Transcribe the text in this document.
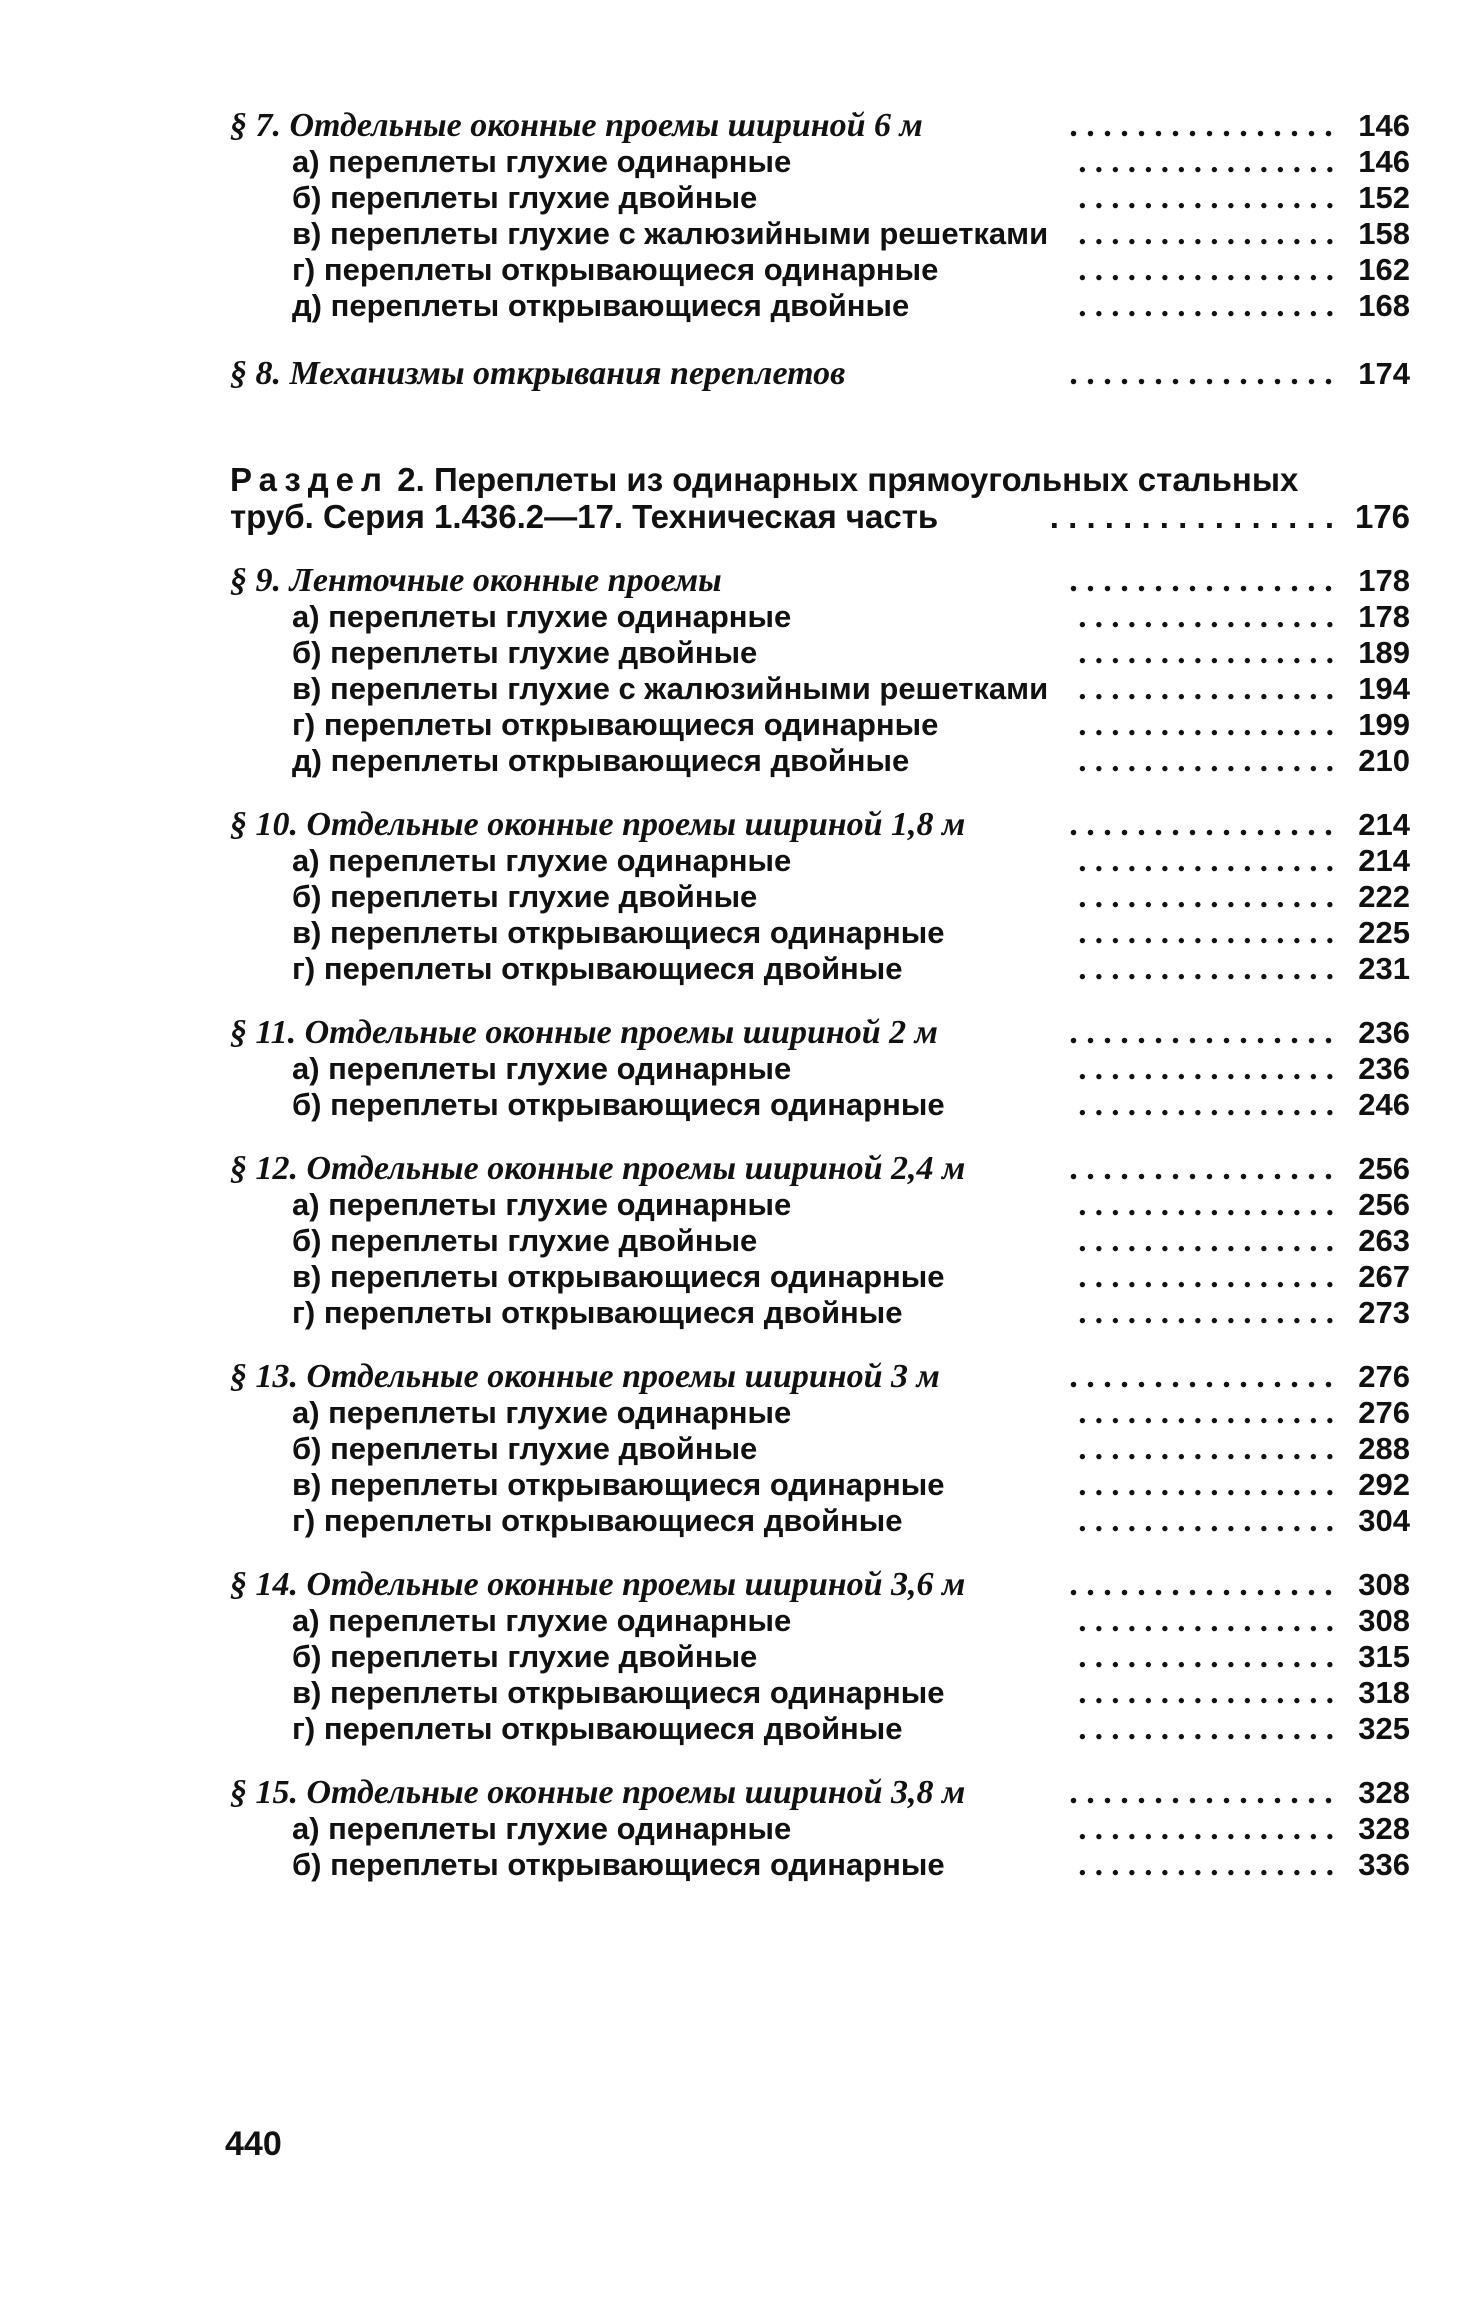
§ 7. Отдельные оконные проемы шириной 6 м	. . . . . . . . . . . . . . . . 146
а) переплеты глухие одинарные	. . . . . . . . . . . . . . . . 146
б) переплеты глухие двойные	. . . . . . . . . . . . . . . . 152
в) переплеты глухие с жалюзийными решетками . . . . . . . . . . . . . . . . 158
г) переплеты открывающиеся одинарные	. . . . . . . . . . . . . . . . 162
д) переплеты открывающиеся двойные	. . . . . . . . . . . . . . . . 168
§ 8. Механизмы открывания переплетов	. . . . . . . . . . . . . . . . 174
Раздел 2. Переплеты из одинарных прямоугольных стальных
труб. Серия 1.436.2—17. Техническая часть	. . . . . . . . . . . . . . . . 176
§ 9. Ленточные оконные проемы	. . . . . . . . . . . . . . . . 178
а) переплеты глухие одинарные	. . . . . . . . . . . . . . . . 178
б) переплеты глухие двойные	. . . . . . . . . . . . . . . . 189
в) переплеты глухие с жалюзийными решетками . . . . . . . . . . . . . . . . 194
г) переплеты открывающиеся одинарные	. . . . . . . . . . . . . . . . 199
д) переплеты открывающиеся двойные	. . . . . . . . . . . . . . . . 210
§ 10. Отдельные оконные проемы шириной 1,8 м	. . . . . . . . . . . . . . . . 214
а) переплеты глухие одинарные	. . . . . . . . . . . . . . . . 214
б) переплеты глухие двойные	. . . . . . . . . . . . . . . . 222
в) переплеты открывающиеся одинарные	. . . . . . . . . . . . . . . . 225
г) переплеты открывающиеся двойные	. . . . . . . . . . . . . . . . 231
§ 11. Отдельные оконные проемы шириной 2 м	. . . . . . . . . . . . . . . . 236
а) переплеты глухие одинарные	. . . . . . . . . . . . . . . . 236
б) переплеты открывающиеся одинарные	. . . . . . . . . . . . . . . . 246
§ 12. Отдельные оконные проемы шириной 2,4 м	. . . . . . . . . . . . . . . . 256
а) переплеты глухие одинарные	. . . . . . . . . . . . . . . . 256
б) переплеты глухие двойные	. . . . . . . . . . . . . . . . 263
в) переплеты открывающиеся одинарные	. . . . . . . . . . . . . . . . 267
г) переплеты открывающиеся двойные	. . . . . . . . . . . . . . . . 273
§ 13. Отдельные оконные проемы шириной 3 м	. . . . . . . . . . . . . . . . 276
а) переплеты глухие одинарные	. . . . . . . . . . . . . . . . 276
б) переплеты глухие двойные	. . . . . . . . . . . . . . . . 288
в) переплеты открывающиеся одинарные	. . . . . . . . . . . . . . . . 292
г) переплеты открывающиеся двойные	. . . . . . . . . . . . . . . . 304
§ 14. Отдельные оконные проемы шириной 3,6 м	. . . . . . . . . . . . . . . . 308
а) переплеты глухие одинарные	. . . . . . . . . . . . . . . . 308
б) переплеты глухие двойные	. . . . . . . . . . . . . . . . 315
в) переплеты открывающиеся одинарные	. . . . . . . . . . . . . . . . 318
г) переплеты открывающиеся двойные	. . . . . . . . . . . . . . . . 325
§ 15. Отдельные оконные проемы шириной 3,8 м	. . . . . . . . . . . . . . . . 328
а) переплеты глухие одинарные	. . . . . . . . . . . . . . . . 328
б) переплеты открывающиеся одинарные	. . . . . . . . . . . . . . . . 336
440
